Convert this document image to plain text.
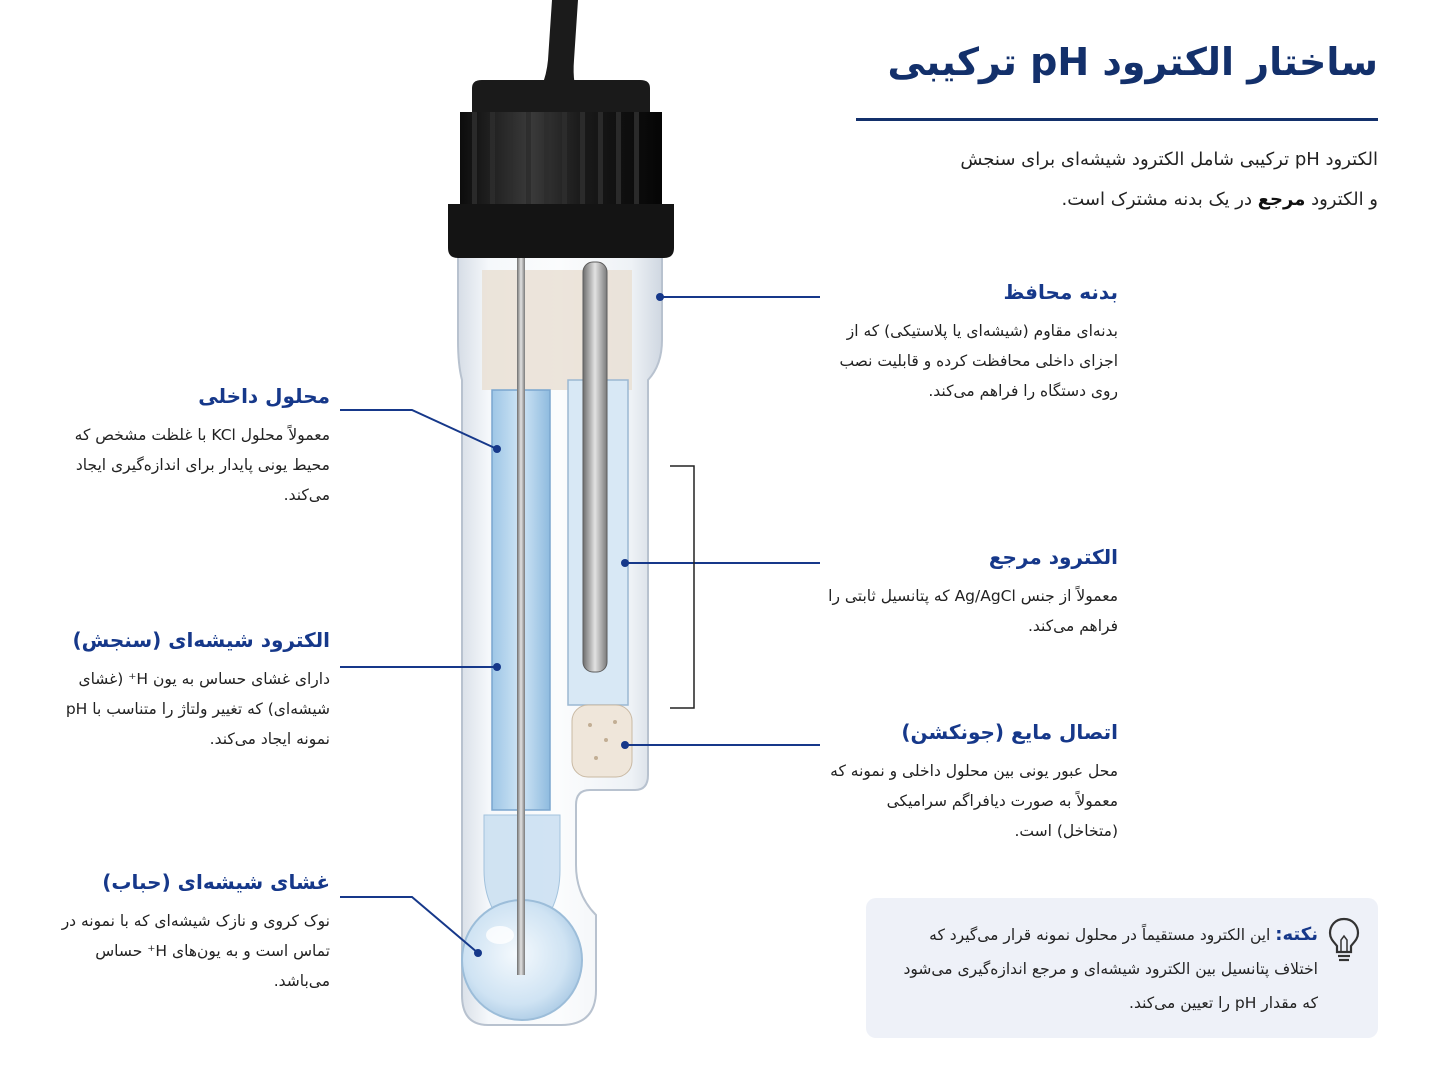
ساختار الکترود pH ترکیبی
الکترود pH ترکیبی شامل الکترود شیشه‌ای برای سنجش
و الکترود مرجع در یک بدنه مشترک است.
بدنه محافظ

بدنه‌ای مقاوم (شیشه‌ای یا پلاستیکی) که از اجزای داخلی محافظت کرده و قابلیت نصب روی دستگاه را فراهم می‌کند.

الکترود مرجع

معمولاً از جنس Ag/AgCl که پتانسیل ثابتی را فراهم می‌کند.

اتصال مایع (جونکشن)

محل عبور یونی بین محلول داخلی و نمونه که معمولاً به صورت دیافراگم سرامیکی (متخاخل) است.

محلول داخلی

معمولاً محلول KCl با غلظت مشخص که محیط یونی پایدار برای اندازه‌گیری ایجاد می‌کند.

الکترود شیشه‌ای (سنجش)

دارای غشای حساس به یون H⁺ (غشای شیشه‌ای) که تغییر ولتاژ را متناسب با pH نمونه ایجاد می‌کند.

غشای شیشه‌ای (حباب)

نوک کروی و نازک شیشه‌ای که با نمونه در تماس است و به یون‌های H⁺ حساس می‌باشد.

نکته: این الکترود مستقیماً در محلول نمونه قرار می‌گیرد که اختلاف پتانسیل بین الکترود شیشه‌ای و مرجع اندازه‌گیری می‌شود که مقدار pH را تعیین می‌کند.
